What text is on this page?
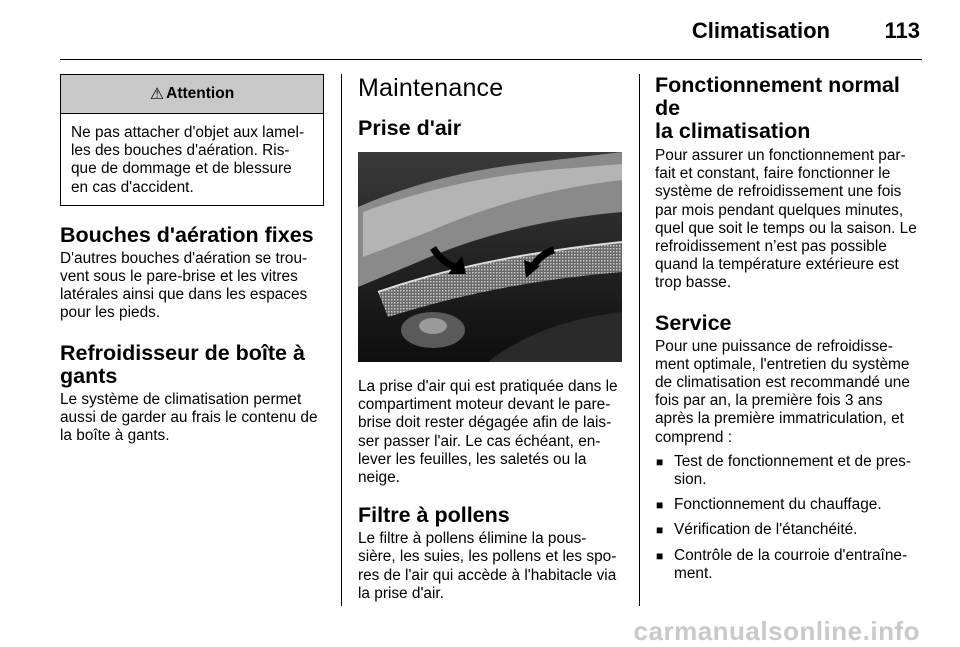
Climatisation 113
⚠ Attention

Ne pas attacher d'objet aux lamel-

les des bouches d'aération. Ris-

que de dommage et de blessure

en cas d'accident.

Bouches d'aération fixes

D'autres bouches d'aération se trou-

vent sous le pare-brise et les vitres

latérales ainsi que dans les espaces

pour les pieds.

Refroidisseur de boîte à
gants

Le système de climatisation permet

aussi de garder au frais le contenu de

la boîte à gants.

Maintenance
Prise d'air

La prise d'air qui est pratiquée dans le

compartiment moteur devant le pare-

brise doit rester dégagée afin de lais-

ser passer l'air. Le cas échéant, en-

lever les feuilles, les saletés ou la

neige.

Filtre à pollens

Le filtre à pollens élimine la pous-

sière, les suies, les pollens et les spo-

res de l'air qui accède à l'habitacle via

la prise d'air.

Fonctionnement normal de
la climatisation

Pour assurer un fonctionnement par-

fait et constant, faire fonctionner le

système de refroidissement une fois

par mois pendant quelques minutes,

quel que soit le temps ou la saison. Le

refroidissement n’est pas possible

quand la température extérieure est

trop basse.

Service

Pour une puissance de refroidisse-

ment optimale, l'entretien du système

de climatisation est recommandé une

fois par an, la première fois 3 ans

après la première immatriculation, et

comprend :

■ Test de fonctionnement et de pres-
sion.
■ Fonctionnement du chauffage.
■ Vérification de l'étanchéité.
■ Contrôle de la courroie d'entraîne-
ment.
carmanualsonline.info
